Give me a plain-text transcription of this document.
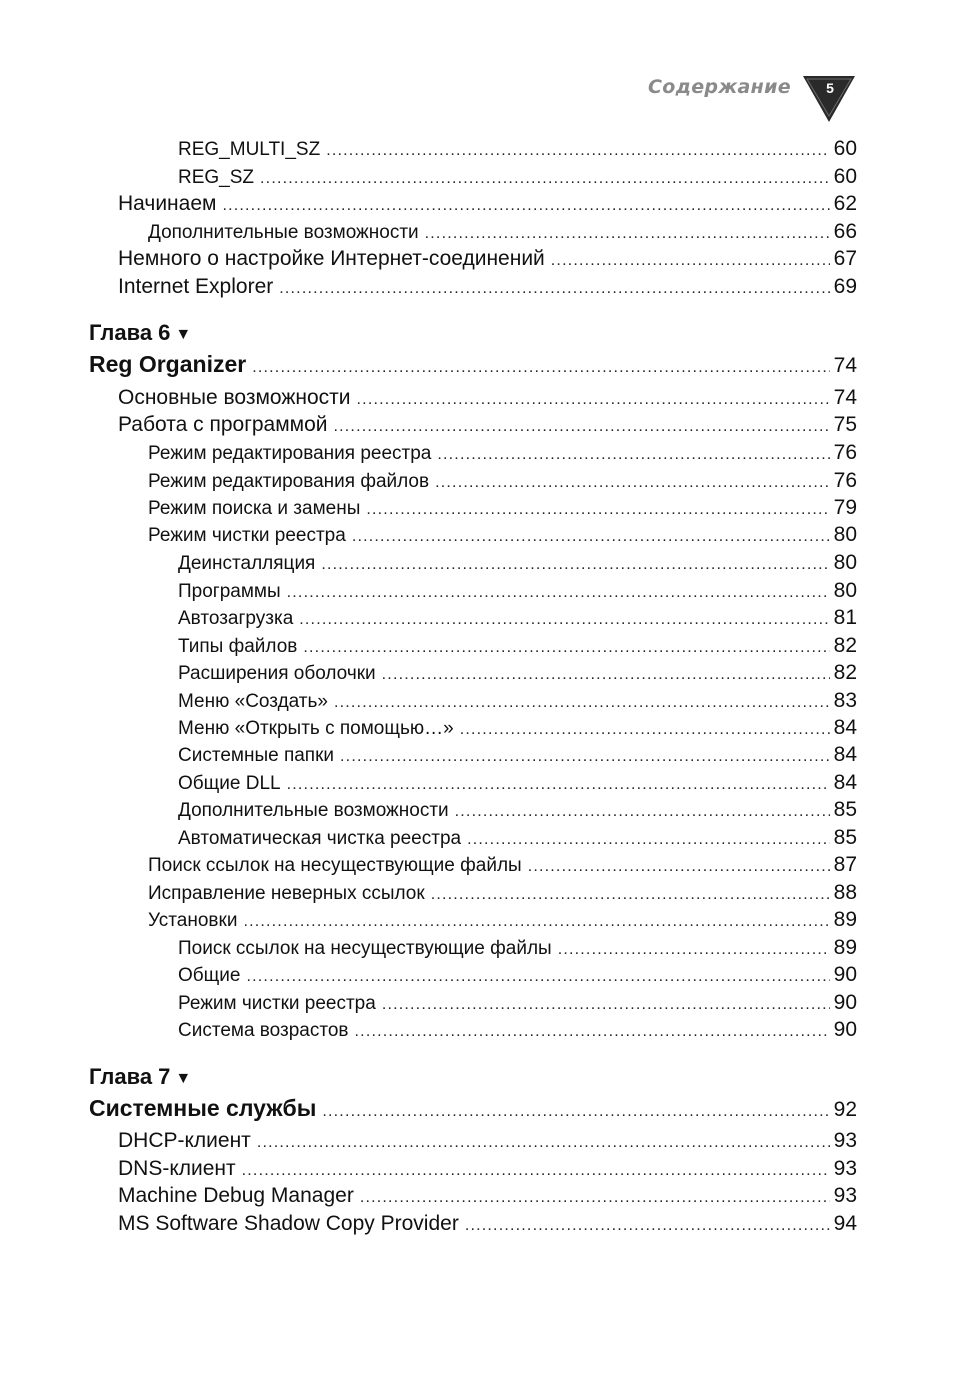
Содержание	5
REG_MULTI_SZ .....	60
REG_SZ .....	60
Начинаем .....	62
Дополнительные возможности .....	66
Немного о настройке Интернет-соединений .....	67
Internet Explorer .....	69
Глава 6 ▼
Reg Organizer .....	74
Основные возможности .....	74
Работа с программой .....	75
Режим редактирования реестра .....	76
Режим редактирования файлов .....	76
Режим поиска и замены .....	79
Режим чистки реестра .....	80
Деинсталляция .....	80
Программы .....	80
Автозагрузка .....	81
Типы файлов .....	82
Расширения оболочки .....	82
Меню «Создать» .....	83
Меню «Открыть с помощью…» .....	84
Системные папки .....	84
Общие DLL .....	84
Дополнительные возможности .....	85
Автоматическая чистка реестра .....	85
Поиск ссылок на несуществующие файлы .....	87
Исправление неверных ссылок .....	88
Установки .....	89
Поиск ссылок на несуществующие файлы .....	89
Общие .....	90
Режим чистки реестра .....	90
Система возрастов .....	90
Глава 7 ▼
Системные службы .....	92
DHCP-клиент .....	93
DNS-клиент .....	93
Machine Debug Manager .....	93
MS Software Shadow Copy Provider .....	94
